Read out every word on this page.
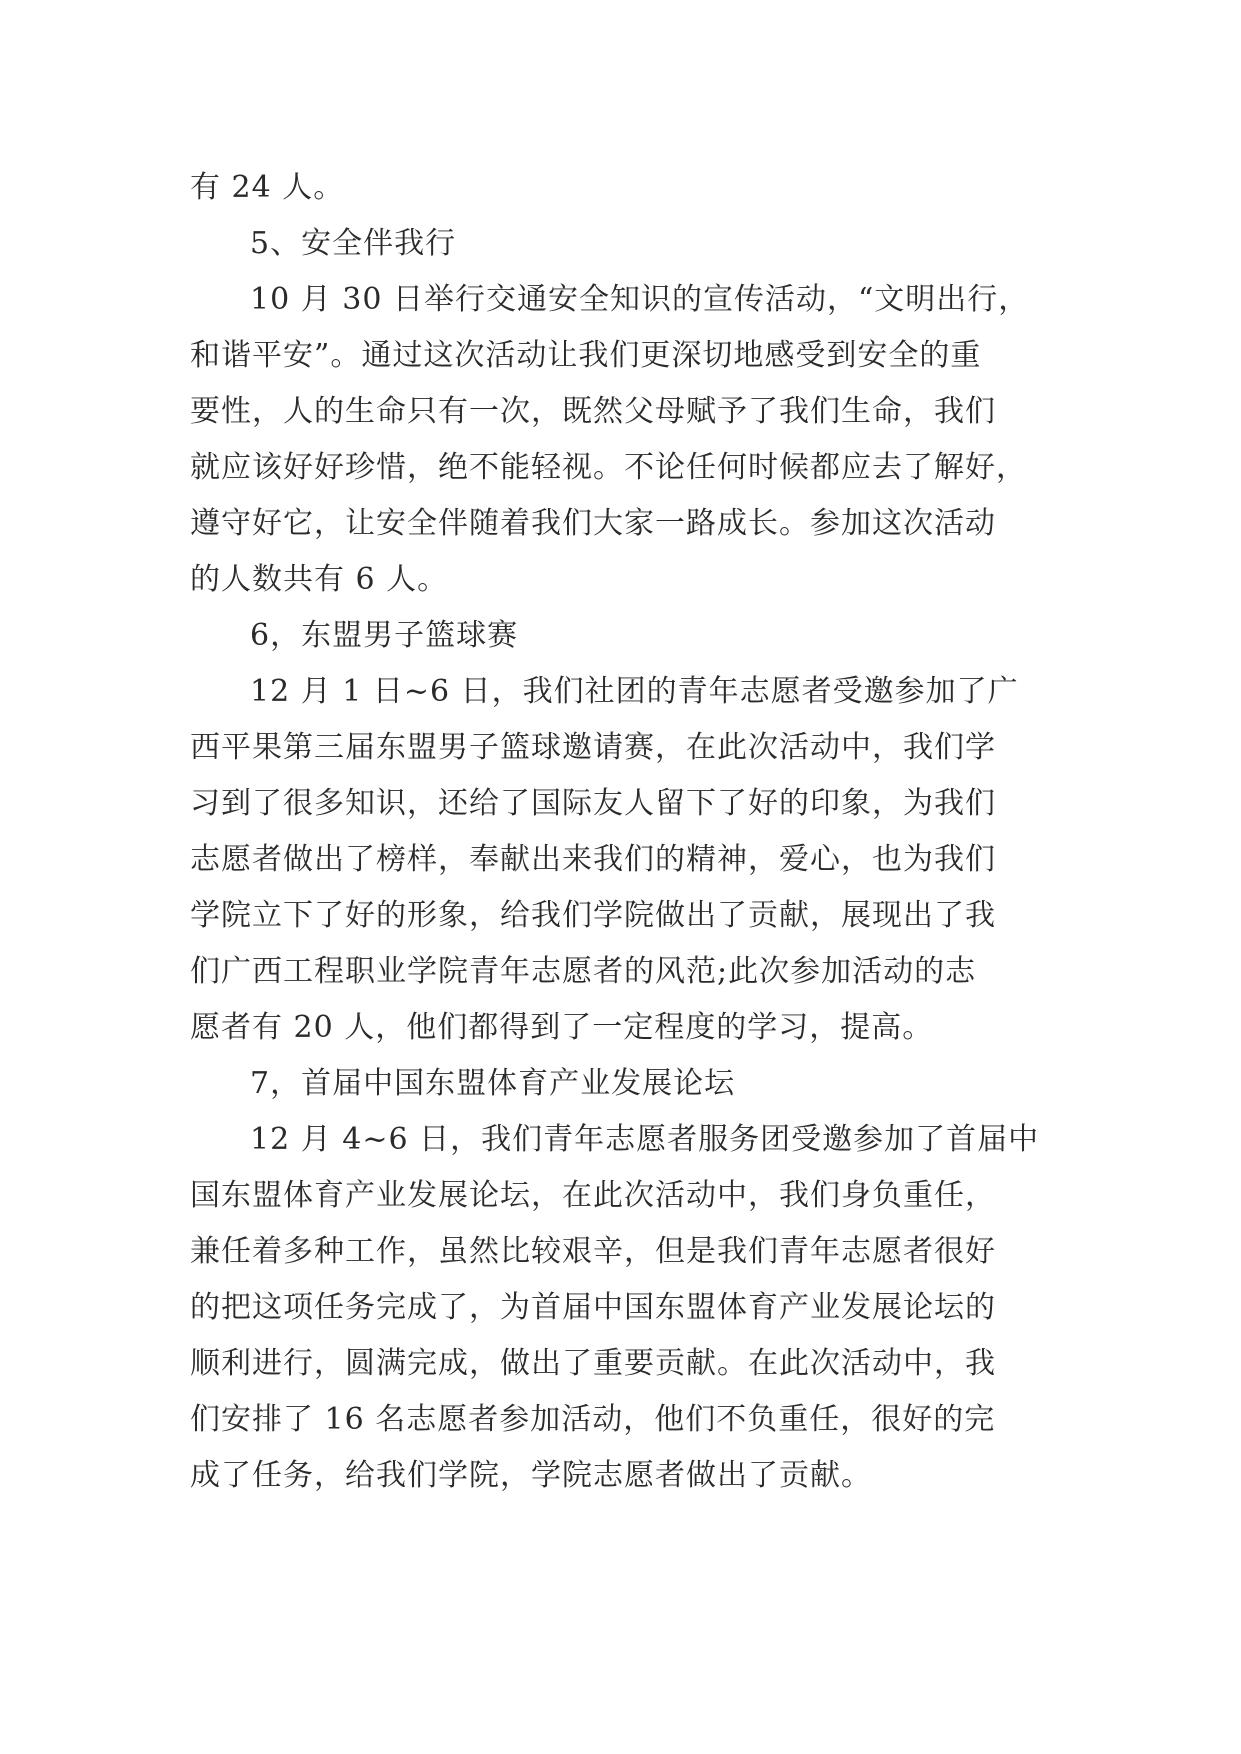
有 24 人。
5、安全伴我行
10 月 30 日举行交通安全知识的宣传活动，“文明出行，
和谐平安”。通过这次活动让我们更深切地感受到安全的重
要性，人的生命只有一次，既然父母赋予了我们生命，我们
就应该好好珍惜，绝不能轻视。不论任何时候都应去了解好，
遵守好它，让安全伴随着我们大家一路成长。参加这次活动
的人数共有 6 人。
6，东盟男子篮球赛
12 月 1 日~6 日，我们社团的青年志愿者受邀参加了广
西平果第三届东盟男子篮球邀请赛，在此次活动中，我们学
习到了很多知识，还给了国际友人留下了好的印象，为我们
志愿者做出了榜样，奉献出来我们的精神，爱心，也为我们
学院立下了好的形象，给我们学院做出了贡献，展现出了我
们广西工程职业学院青年志愿者的风范;此次参加活动的志
愿者有 20 人，他们都得到了一定程度的学习，提高。
7，首届中国东盟体育产业发展论坛
12 月 4~6 日，我们青年志愿者服务团受邀参加了首届中
国东盟体育产业发展论坛，在此次活动中，我们身负重任，
兼任着多种工作，虽然比较艰辛，但是我们青年志愿者很好
的把这项任务完成了，为首届中国东盟体育产业发展论坛的
顺利进行，圆满完成，做出了重要贡献。在此次活动中，我
们安排了 16 名志愿者参加活动，他们不负重任，很好的完
成了任务，给我们学院，学院志愿者做出了贡献。
